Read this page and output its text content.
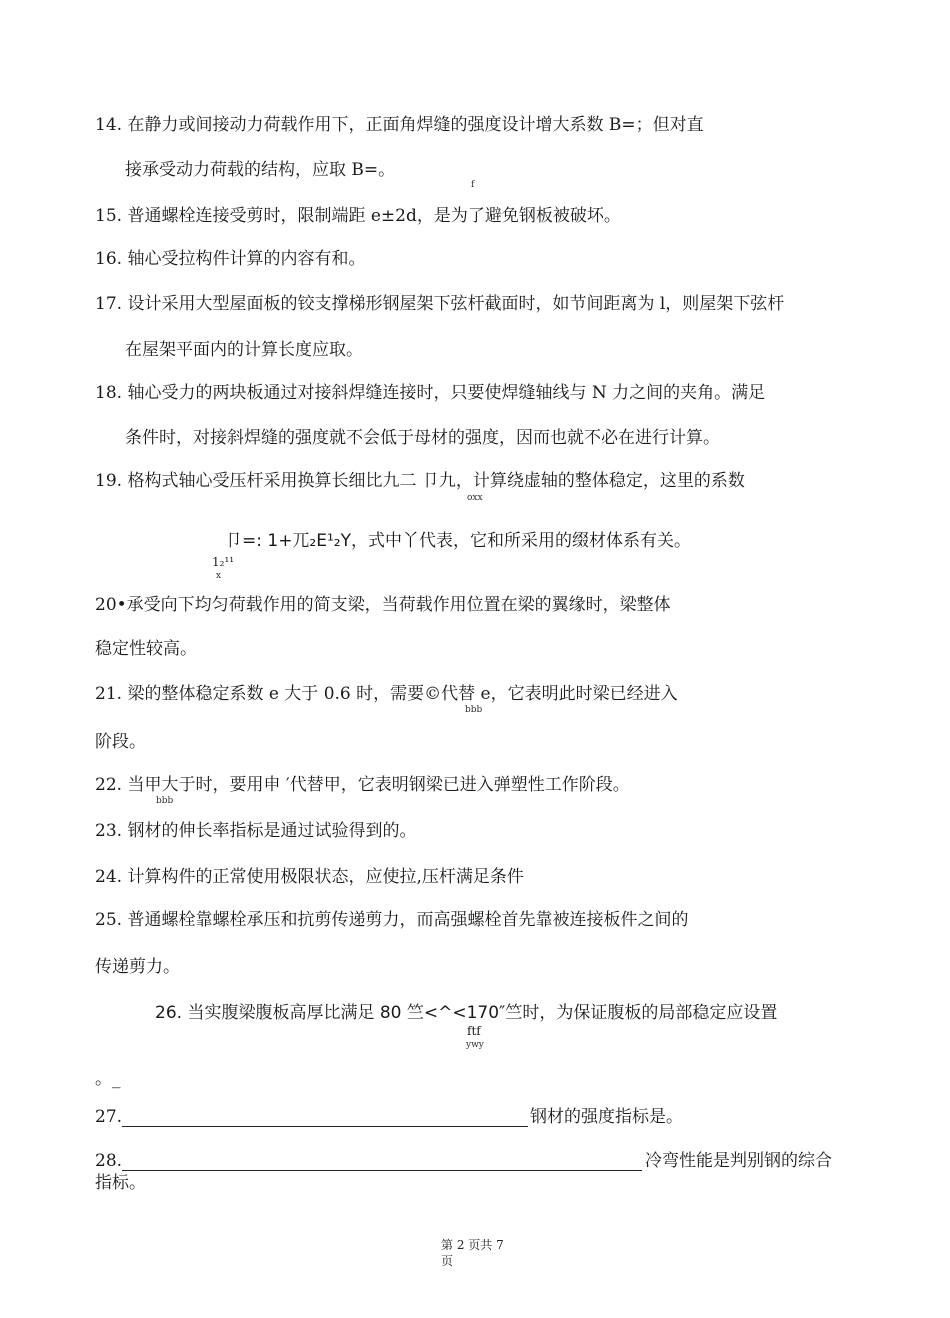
14. 在静力或间接动力荷载作用下，正面角焊缝的强度设计增大系数 B=；但对直
接承受动力荷载的结构，应取 B=。
f
15. 普通螺栓连接受剪时，限制端距 e±2d，是为了避免钢板被破坏。
16. 轴心受拉构件计算的内容有和。
17. 设计采用大型屋面板的铰支撑梯形钢屋架下弦杆截面时，如节间距离为 l，则屋架下弦杆
在屋架平面内的计算长度应取。
18. 轴心受力的两块板通过对接斜焊缝连接时，只要使焊缝轴线与 N 力之间的夹角。满足
条件时，对接斜焊缝的强度就不会低于母材的强度，因而也就不必在进行计算。
19. 格构式轴心受压杆采用换算长细比九二 卩九，计算绕虚轴的整体稳定，这里的系数
oxx
卩=: 1+兀₂E¹₂Y，式中丫代表，它和所采用的缀材体系有关。
1₂¹¹
x
20•承受向下均匀荷载作用的简支梁，当荷载作用位置在梁的翼缘时，梁整体
稳定性较高。
21. 梁的整体稳定系数 e 大于 0.6 时，需要©代替 e，它表明此时梁已经进入
bbb
阶段。
22. 当甲大于时，要用申 ′代替甲，它表明钢梁已进入弹塑性工作阶段。
bbb
23. 钢材的伸长率指标是通过试验得到的。
24. 计算构件的正常使用极限状态，应使拉,压杆满足条件
25. 普通螺栓靠螺栓承压和抗剪传递剪力，而高强螺栓首先靠被连接板件之间的
传递剪力。
26. 当实腹梁腹板高厚比满足 80 竺<^<170″竺时，为保证腹板的局部稳定应设置
ftf
ywy
。_
27.	钢材的强度指标是。
28.	冷弯性能是判别钢的综合
指标。
第 2 页共 7
页
